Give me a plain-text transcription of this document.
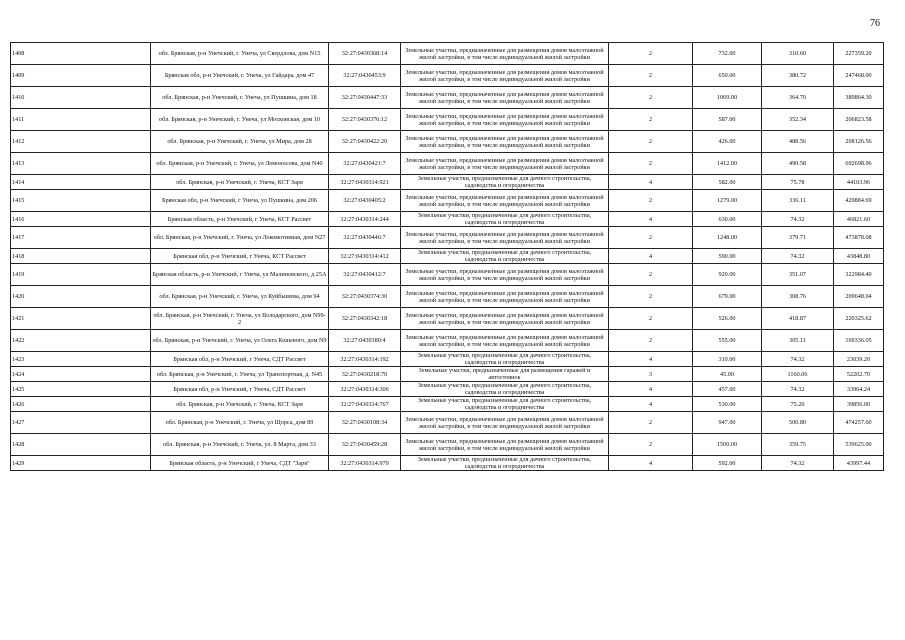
76
1408	обл. Брянская, р-н Унечский, г. Унеча, ул Свердлова, дом N15	32:27:0430368:14	Земельные участки, предназначенные для размещения домов малоэтажной жилой застройки, в том числе индивидуальной жилой застройки	2	732.00	310.60	227359.20
1409	Брянская обл, р-н Унечский, г. Унеча, ул Гайдара, дом 47	32:27:0430453:9	Земельные участки, предназначенные для размещения домов малоэтажной жилой застройки, в том числе индивидуальной жилой застройки	2	650.00	380.72	247468.00
1410	обл. Брянская, р-н Унечский, г. Унеча, ул Пушкина, дом 18	32:27:0430447:33	Земельные участки, предназначенные для размещения домов малоэтажной жилой застройки, в том числе индивидуальной жилой застройки	2	1069.00	364.70	389864.30
1411	обл. Брянская, р-н Унечский, г. Унеча, ул Московская, дом 10	32:27:0430376:12	Земельные участки, предназначенные для размещения домов малоэтажной жилой застройки, в том числе индивидуальной жилой застройки	2	587.00	352.34	206823.58
1412	обл. Брянская, р-н Унечский, г. Унеча, ул Мира, дом 28	32:27:0430422:20	Земельные участки, предназначенные для размещения домов малоэтажной жилой застройки, в том числе индивидуальной жилой застройки	2	426.00	488.56	208126.56
1413	обл. Брянская, р-н Унечский, г. Унеча, ул Ломоносова, дом N40	32:27:0430421:7	Земельные участки, предназначенные для размещения домов малоэтажной жилой застройки, в том числе индивидуальной жилой застройки	2	1412.00	490.58	692698.96
1414	обл. Брянская, р-н Унечский, г. Унеча, КСТ Заря	32:27:0430314:921	Земельные участки, предназначенные для дачного строительства, садоводства и огородничества	4	582.00	75.78	44103.96
1415	Брянская обл, р-н Унечский, г Унеча, ул Пушкина, дом 206	32:27:0430405:2	Земельные участки, предназначенные для размещения домов малоэтажной жилой застройки, в том числе индивидуальной жилой застройки	2	1279.00	336.11	429884.69
1416	Брянская область, р-н Унечский, г Унеча, КСТ Рассвет	32:27:0430314:244	Земельные участки, предназначенные для дачного строительства, садоводства и огородничества	4	630.00	74.32	46821.60
1417	обл. Брянская, р-н Унечский, г. Унеча, ул Локомотивная, дом N27	32:27:0430446:7	Земельные участки, предназначенные для размещения домов малоэтажной жилой застройки, в том числе индивидуальной жилой застройки	2	1248.00	379.71	473878.08
1418	Брянская обл, р-н Унечский, г Унеча, КСТ Рассвет	32:27:0430314:412	Земельные участки, предназначенные для дачного строительства, садоводства и огородничества	4	590.00	74.32	43848.80
1419	Брянская область, р-н Унечский, г Унеча, ул Малиновского, д 25А	32:27:0430412:7	Земельные участки, предназначенные для размещения домов малоэтажной жилой застройки, в том числе индивидуальной жилой застройки	2	920.00	351.07	322984.40
1420	обл. Брянская, р-н Унечский, г. Унеча, ул Куйбышева, дом 94	32:27:0430374:30	Земельные участки, предназначенные для размещения домов малоэтажной жилой застройки, в том числе индивидуальной жилой застройки	2	679.00	308.76	209648.04
1421	обл. Брянская, р-н Унечский, г. Унеча, ул Володарского, дом N99-2	32:27:0430342:18	Земельные участки, предназначенные для размещения домов малоэтажной жилой застройки, в том числе индивидуальной жилой застройки	2	526.00	418.87	220325.62
1422	обл. Брянская, р-н Унечский, г. Унеча, ул Олега Кошевого, дом N9	32:27:0430380:4	Земельные участки, предназначенные для размещения домов малоэтажной жилой застройки, в том числе индивидуальной жилой застройки	2	555.00	305.11	169336.05
1423	Брянская обл, р-н Унечский, г Унеча, СДТ Рассвет	32:27:0430314:192	Земельные участки, предназначенные для дачного строительства, садоводства и огородничества	4	310.00	74.32	23039.20
1424	обл. Брянская, р-н Унечский, г. Унеча, ул Транспортная, д. N45	32:27:0430218:70	Земельные участки, предназначенные для размещения гаражей и автостоянок	3	45.00	1160.06	52202.70
1425	Брянская обл, р-н Унечский, г Унеча, СДТ Рассвет	32:27:0430314:306	Земельные участки, предназначенные для дачного строительства, садоводства и огородничества	4	457.00	74.32	33964.24
1426	обл. Брянская, р-н Унечский, г. Унеча, КСТ Заря	32:27:0430314:767	Земельные участки, предназначенные для дачного строительства, садоводства и огородничества	4	530.00	75.20	39856.00
1427	обл. Брянская, р-н Унечский, г. Унеча, ул Щорса, дом 89	32:27:0430108:34	Земельные участки, предназначенные для размещения домов малоэтажной жилой застройки, в том числе индивидуальной жилой застройки	2	947.00	500.80	474257.60
1428	обл. Брянская, р-н Унечский, г. Унеча, ул. 8 Марта, дом 33	32:27:0430459:28	Земельные участки, предназначенные для размещения домов малоэтажной жилой застройки, в том числе индивидуальной жилой застройки	2	1500.00	359.75	539625.00
1429	Брянская область, р-н Унечский, г Унеча, СДТ "Заря"	32:27:0430314:979	Земельные участки, предназначенные для дачного строительства, садоводства и огородничества	4	592.00	74.32	43997.44
